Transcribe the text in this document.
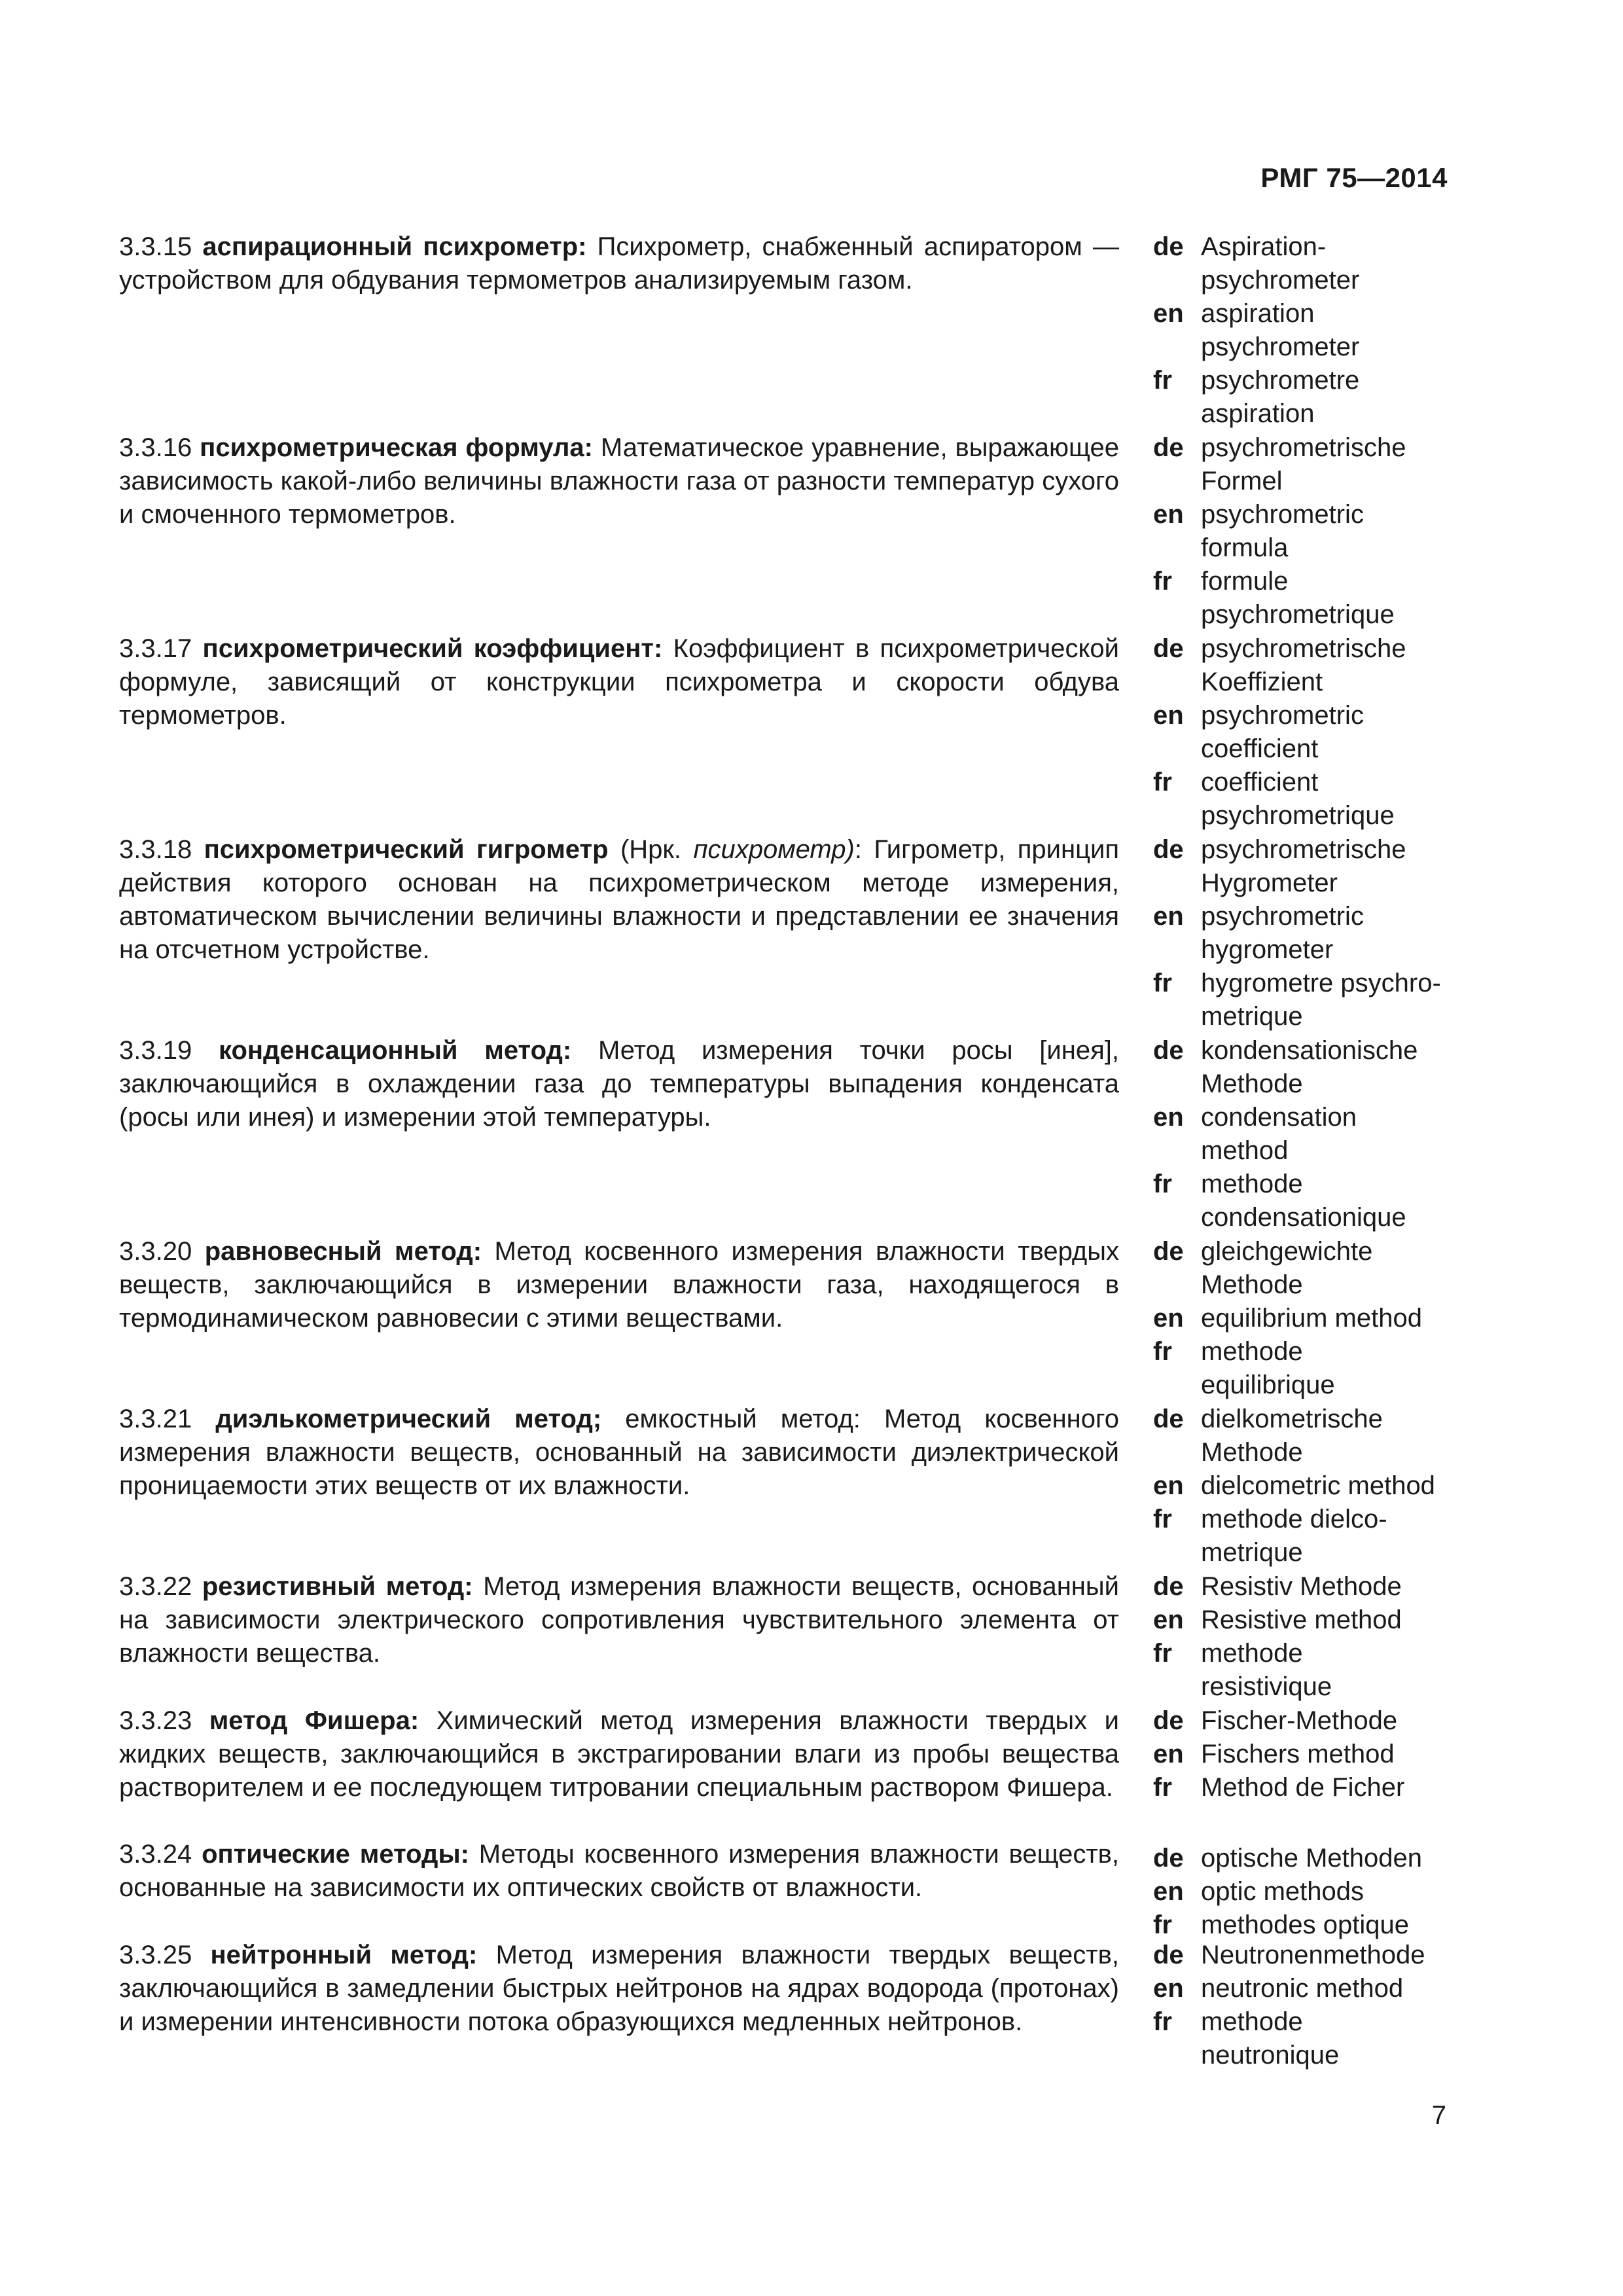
РМГ 75—2014

3.3.15 аспирационный психрометр: Психрометр, снабженный аспиратором — устройством для обдувания термометров анализируемым газом.

de Aspiration-
psychrometer
en aspiration
psychrometer
fr	psychrometre
aspiration

3.3.16 психрометрическая формула: Математическое уравнение, выражающее зависимость какой-либо величины влажности газа от разности температур сухого и смоченного термометров.

de psychrometrische
Formel
en psychrometric
formula
fr	formule
psychrometrique

3.3.17 психрометрический коэффициент: Коэффициент в психрометрической формуле, зависящий от конструкции психрометра и скорости обдува термометров.

de psychrometrische
Koeffizient
en psychrometric
coefficient
fr	coefficient
psychrometrique

3.3.18 психрометрический гигрометр (Нрк. психрометр): Гигрометр, принцип действия которого основан на психрометрическом методе измерения, автоматическом вычислении величины влажности и представлении ее значения на отсчетном устройстве.

de psychrometrische
Hygrometer
en psychrometric
hygrometer
fr	hygrometre psychro-
metrique

3.3.19 конденсационный метод: Метод измерения точки росы [инея], заключающийся в охлаждении газа до температуры выпадения конденсата (росы или инея) и измерении этой температуры.

de kondensationische
Methode
en condensation
method
fr	methode
condensationique

3.3.20 равновесный метод: Метод косвенного измерения влажности твердых веществ, заключающийся в измерении влажности газа, находящегося в термодинамическом равновесии с этими веществами.

de gleichgewichte
Methode
en equilibrium method
fr	methode
equilibrique

3.3.21 диэлькометрический метод; емкостный метод: Метод косвенного измерения влажности веществ, основанный на зависимости диэлектрической проницаемости этих веществ от их влажности.

de dielkometrische
Methode
en dielcometric method
fr	methode dielco-
metrique

3.3.22 резистивный метод: Метод измерения влажности веществ, основанный на зависимости электрического сопротивления чувствительного элемента от влажности вещества.

de Resistiv Methode
en Resistive method
fr	methode
resistivique

3.3.23 метод Фишера: Химический метод измерения влажности твердых и жидких веществ, заключающийся в экстрагировании влаги из пробы вещества растворителем и ее последующем титровании специальным раствором Фишера.

de Fischer-Methode
en Fischers method
fr	Method de Ficher

3.3.24 оптические методы: Методы косвенного измерения влажности веществ, основанные на зависимости их оптических свойств от влажности.

de optische Methoden
en optic methods
fr	methodes optique

3.3.25 нейтронный метод: Метод измерения влажности твердых веществ, заключающийся в замедлении быстрых нейтронов на ядрах водорода (протонах) и измерении интенсивности потока образующихся медленных нейтронов.

de Neutronenmethode
en neutronic method
fr	methode
neutronique
7
